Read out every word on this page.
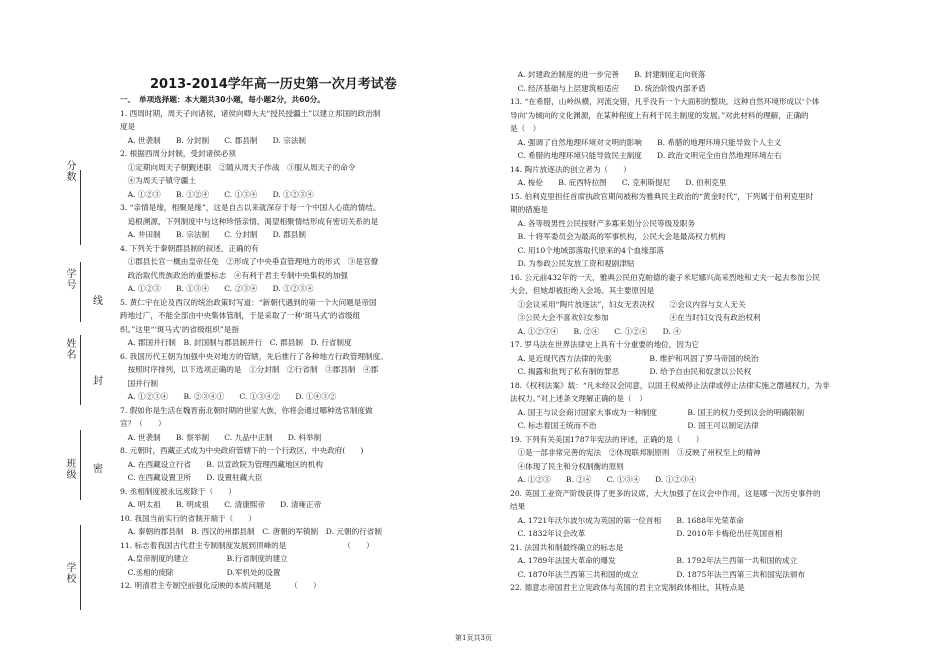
分数
学号
线
姓名
封
班级 密
学校
2013-2014学年高一历史第一次月考试卷
一、　单项选择题：本大题共30小题，每小题2分，共60分。
1. 西周时期，周天子向诸侯，诸侯向卿大夫“授民授疆土”以建立邦国的政治制
度是
　A. 世袭制　　B. 分封制　　C. 郡县制　　D. 宗法制
2. 根据西周分封制，受封诸侯必须
　①定期向周天子朝觐述职　②随从周天子作战　③服从周天子的命令
　④为周天子镇守疆土
　A. ①②③　　B. ①②④　　C. ①③④　　D. ①②③④
3. “亲情是缘，相聚是缘”，这是自古以来就深存于每一个中国人心底的情结。
　追根溯源，下列制度中与这种珍惜亲情、渴望相聚情结形成有密切关系的是
　A. 井田制　　B. 宗法制　　C. 分封制　　D. 郡县制
4. 下列关于秦朝郡县制的叙述，正确的有
　①郡县长官一概由皇帝任免　②形成了中央垂直管理地方的形式　③是官僚
　政治取代贵族政治的重要标志　④有利于君主专制中央集权的加强
　A. ①②③　　B. ①③④　　C. ②③④　　D. ①②③④
5. 黄仁宇在论及西汉的统治政策时写道：“新朝代遇到的第一个大问题是帝国
跨地过广，不能全部由中央集体管制，于是采取了一种‘斑马式’的省级组
织。”这里“‘斑马式’的省级组织”是指
　A. 郡国并行制　B. 封国制与郡县制并行　C. 郡县制　D. 行省制度
6. 我国历代王朝为加强中央对地方的管辖，先后推行了各种地方行政管理制度。
　按照时序排列，以下选项正确的是　①分封制　②行省制　③郡县制　④郡
　国并行制
　A. ①②③④　　B. ②③④①　　C. ①③④②　　D. ①④③②
7. 假如你是生活在魏晋南北朝时期的世家大族，你将会通过哪种选官制度做
官？（　　）
　A. 世袭制　　B. 察举制　　C. 九品中正制　　D. 科举制
8. 元朝时，西藏正式成为中央政府管辖下的一个行政区，中央政府(　　)
　A. 在西藏设立行省　　B. 以宣政院为管理西藏地区的机构
　C. 在西藏设置卫所　　D. 设置驻藏大臣
9. 丞相制度被永远废除于（　　）
　A. 明太祖　　B. 明成祖　　C. 清康熙帝　　D. 清雍正帝
10. 我国当前实行的省制开端于（　　）
　A. 秦朝的郡县制　B. 西汉的州郡县制　C. 唐朝的军镇制　D. 元朝的行省制
11. 标志着我国古代君主专制制度发展到顶峰的是　　　　　　　　（　　）
　A.皇帝制度的建立　　　　　B.行省制度的建立
　C.丞相的废除　　　　　　　D.军机处的设置
12. 明清君主专制空前强化反映的本质问题是　　　（　　）
　A. 封建政治制度的进一步完善　　B. 封建制度走向衰落
　C. 经济基础与上层建筑相适应　　D. 统治阶级内部矛盾
13. “在希腊，山岭纵横，河流交错，凡乎没有一个大面积的整块。这种自然环境形成以‘个体
导向’为倾向的文化渊源，在某种程度上有利于民主制度的发展。”对此材料的理解，正确的
是（　）
　A. 强调了自然地理环境对文明的影响　　B. 希腊的地理环境只能导致个人主义
　C. 希腊的地理环境只能导致民主制度　　D. 政治文明完全由自然地理环境左右
14. 陶片放逐法的创立者为（　　）
　A. 梭伦　　B. 庇西特拉图　　C. 克利斯提尼　　D. 伯利克里
15. 伯利克里担任首席执政官期间被称为雅典民主政治的“黄金时代”，下列属于伯利克里时
期的措施是
　A. 各等级男性公民按财产多寡来划分公民等级及职务
　B. 十将军委员会为最高的军事机构，公民大会是最高权力机构
　C. 用10个地域部落取代原来的4个血缘部落
　D. 为参政公民发放工资和观剧津贴
16. 公元前432年的一天，雅典公民伯克帕德的妻子米尼娜兴高采烈地和丈夫一起去参加公民
大会，但她却被拒绝入会场。其主要原因是
　①会议采用“陶片放逐法”，妇女无表决权　　②会议内容与女人无关
　③公民大会不喜欢妇女参加　　　　　　　　④在当时妇女没有政治权利
　A. ①②③④　　B. ②④　　C. ①②④　　D. ④
17. 罗马法在世界法律史上具有十分重要的地位，因为它
　A. 是近现代西方法律的先驱　　　　　B. 维护和巩固了罗马帝国的统治
　C. 揭露和批判了私有制的罪恶　　　　D. 给予自由民和奴隶以公民权
18.《权利法案》载：“凡未经议会同意，以国王权威停止法律或停止法律实施之僭越权力，为非
法权力。”对上述条文理解正确的是（　）
　A. 国王与议会商讨国家大事成为一种制度　　　　B. 国王的权力受到议会的明确限制
　C. 标志着国王统而不治　　　　　　　　　　　　D. 国王可以制定法律
19. 下列有关美国1787年宪法的评述，正确的是（　　）
　①是一部非常完善的宪法　②体现联邦制原则　③反映了州权至上的精神
　④体现了民主和分权制衡的原则
　A. ①②③　　B. ②④　　C. ①③④　　D. ①②③④
20. 英国工业资产阶级获得了更多的议席，大大加强了在议会中作用，这是哪一次历史事件的
结果
　A. 1721年沃尔波尔成为英国的第一位首相　　B. 1688年光荣革命
　C. 1832年议会改革　　　　　　　　　　　　D. 2010年卡梅伦出任英国首相
21. 法国共和制最终确立的标志是
　A. 1789年法国大革命的爆发　　　　　　　　B. 1792年法兰西第一共和国的成立
　C. 1870年法兰西第三共和国的成立　　　　　D. 1875年法兰西第三共和国宪法颁布
22. 德意志帝国君主立宪政体与英国的君主立宪制政体相比，其特点是
第1页共3页
